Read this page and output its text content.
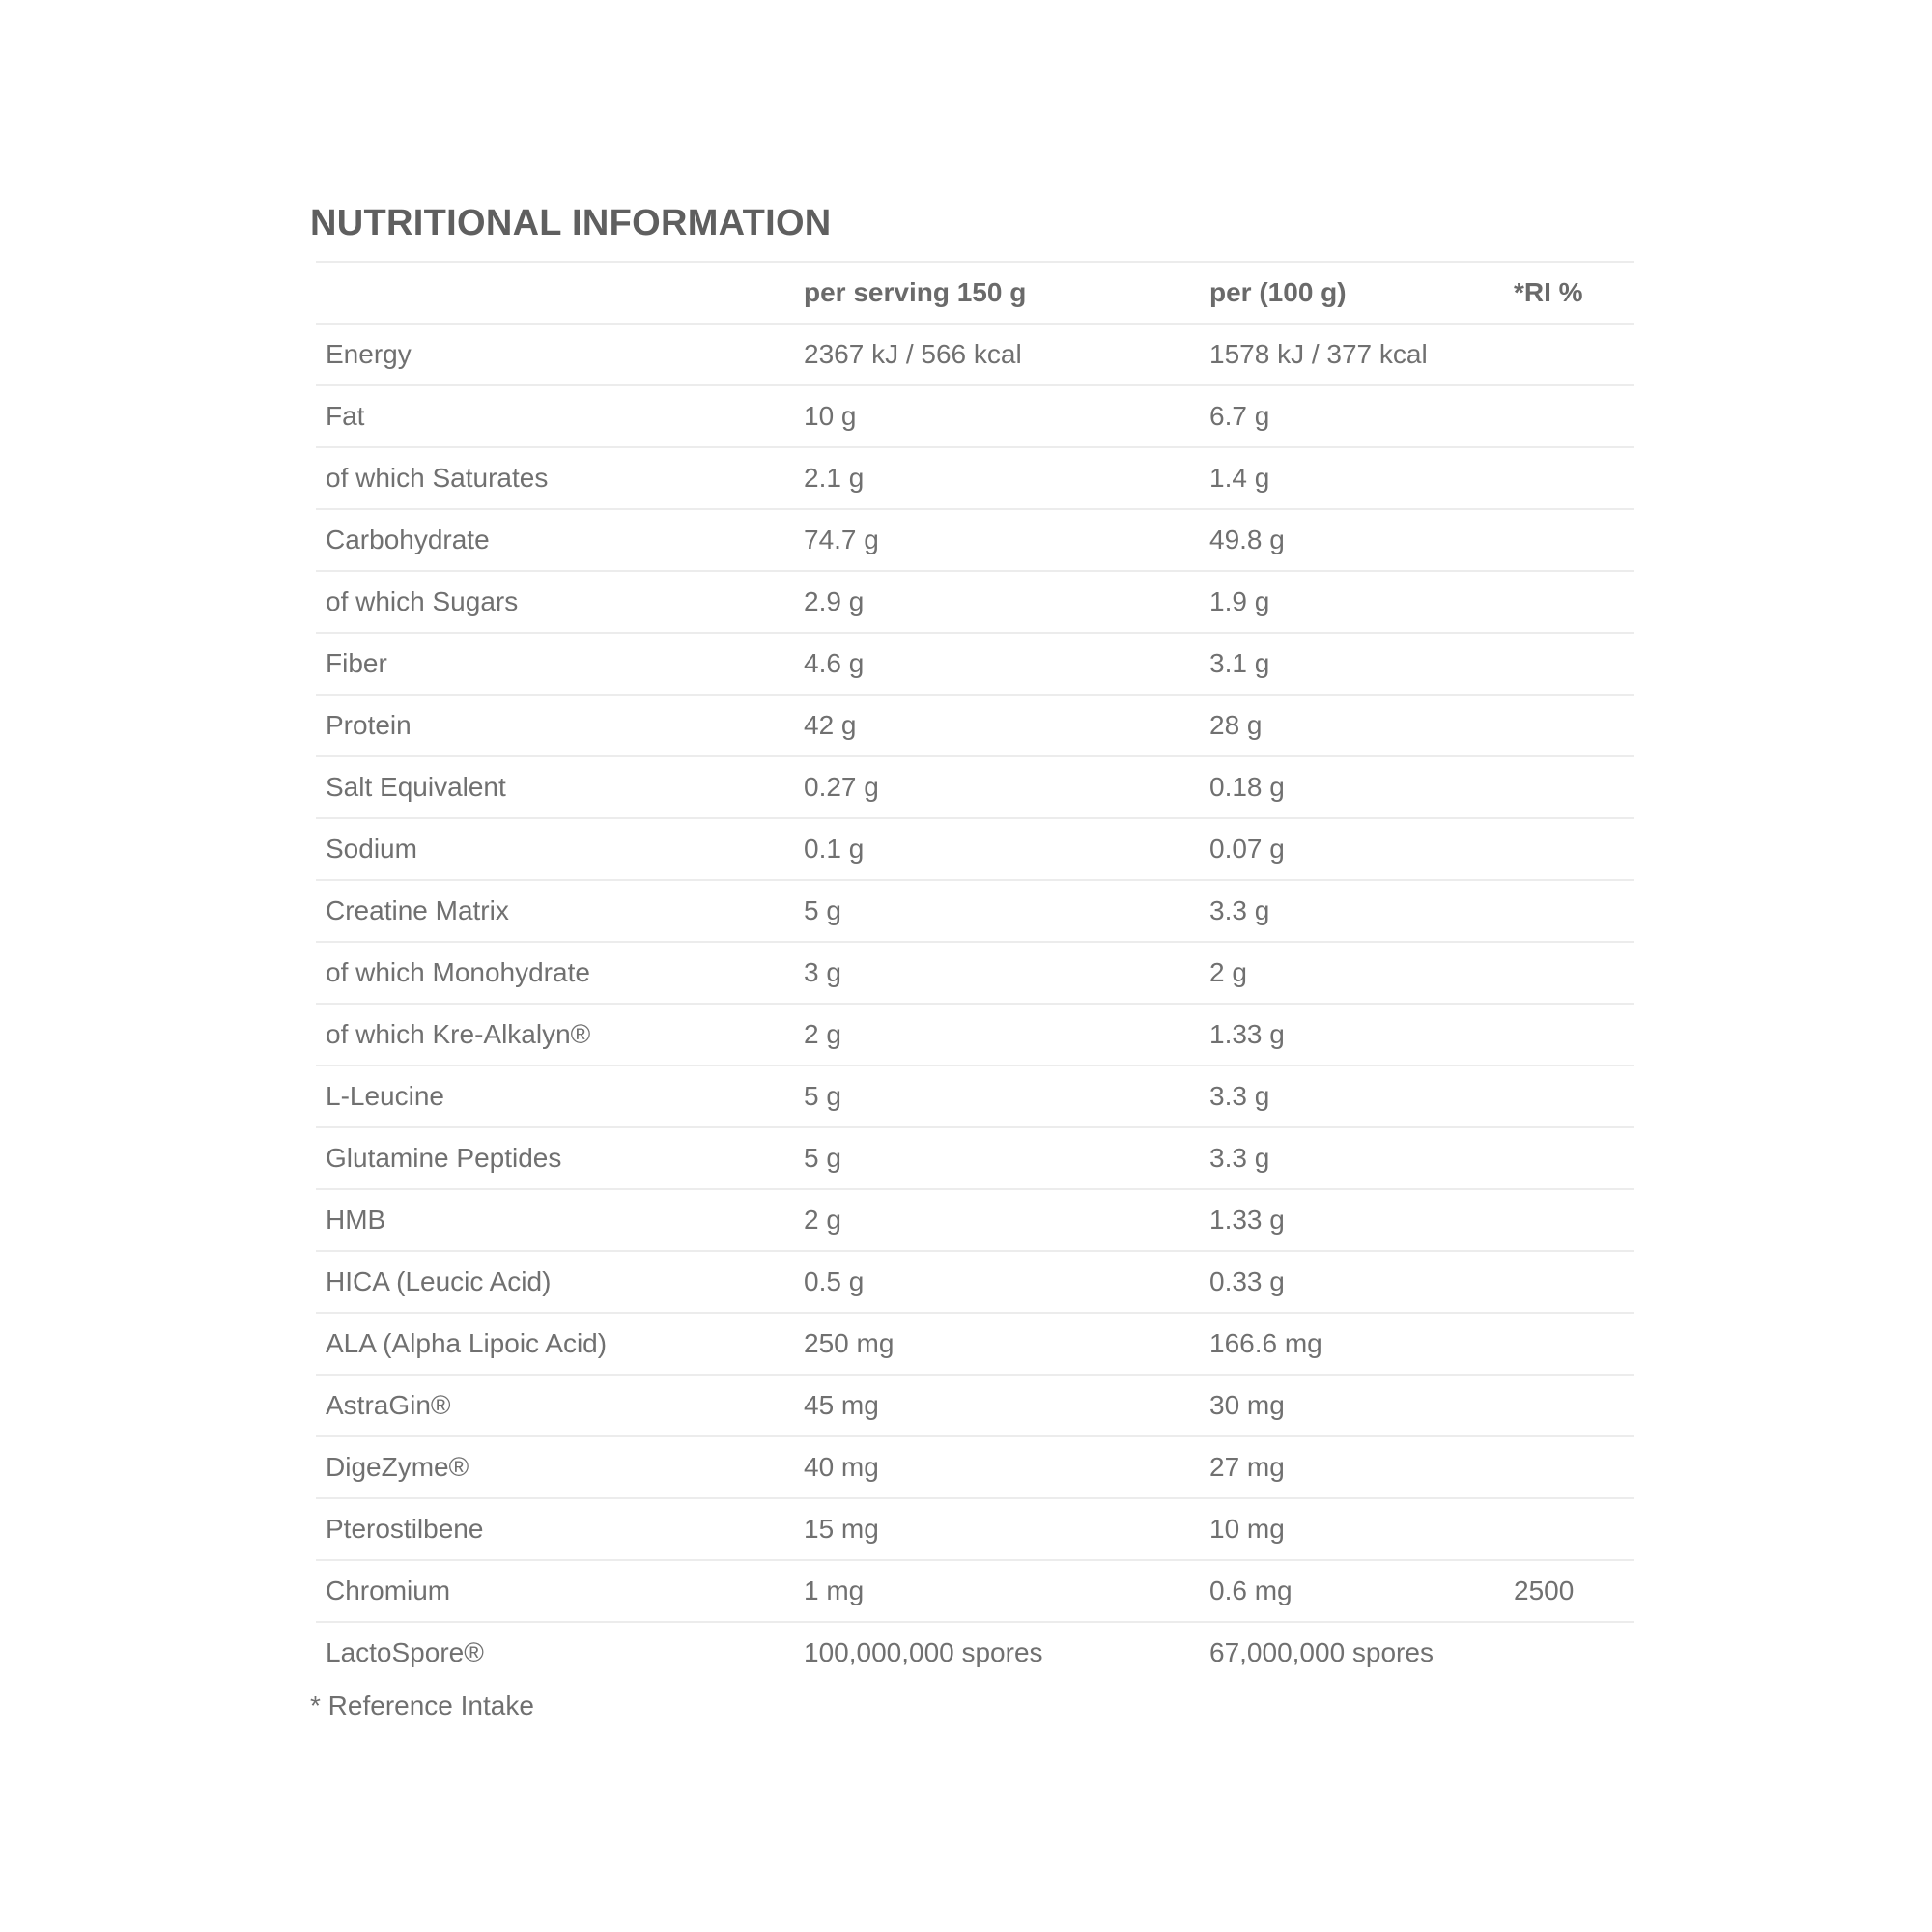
NUTRITIONAL INFORMATION
	per serving 150 g	per (100 g)	*RI %
Energy	2367 kJ / 566 kcal	1578 kJ / 377 kcal	
Fat	10 g	6.7 g	
of which Saturates	2.1 g	1.4 g	
Carbohydrate	74.7 g	49.8 g	
of which Sugars	2.9 g	1.9 g	
Fiber	4.6 g	3.1 g	
Protein	42 g	28 g	
Salt Equivalent	0.27 g	0.18 g	
Sodium	0.1 g	0.07 g	
Creatine Matrix	5 g	3.3 g	
of which Monohydrate	3 g	2 g	
of which Kre-Alkalyn®	2 g	1.33 g	
L-Leucine	5 g	3.3 g	
Glutamine Peptides	5 g	3.3 g	
HMB	2 g	1.33 g	
HICA (Leucic Acid)	0.5 g	0.33 g	
ALA (Alpha Lipoic Acid)	250 mg	166.6 mg	
AstraGin®	45 mg	30 mg	
DigeZyme®	40 mg	27 mg	
Pterostilbene	15 mg	10 mg	
Chromium	1 mg	0.6 mg	2500
LactoSpore®	100,000,000 spores	67,000,000 spores	

* Reference Intake
